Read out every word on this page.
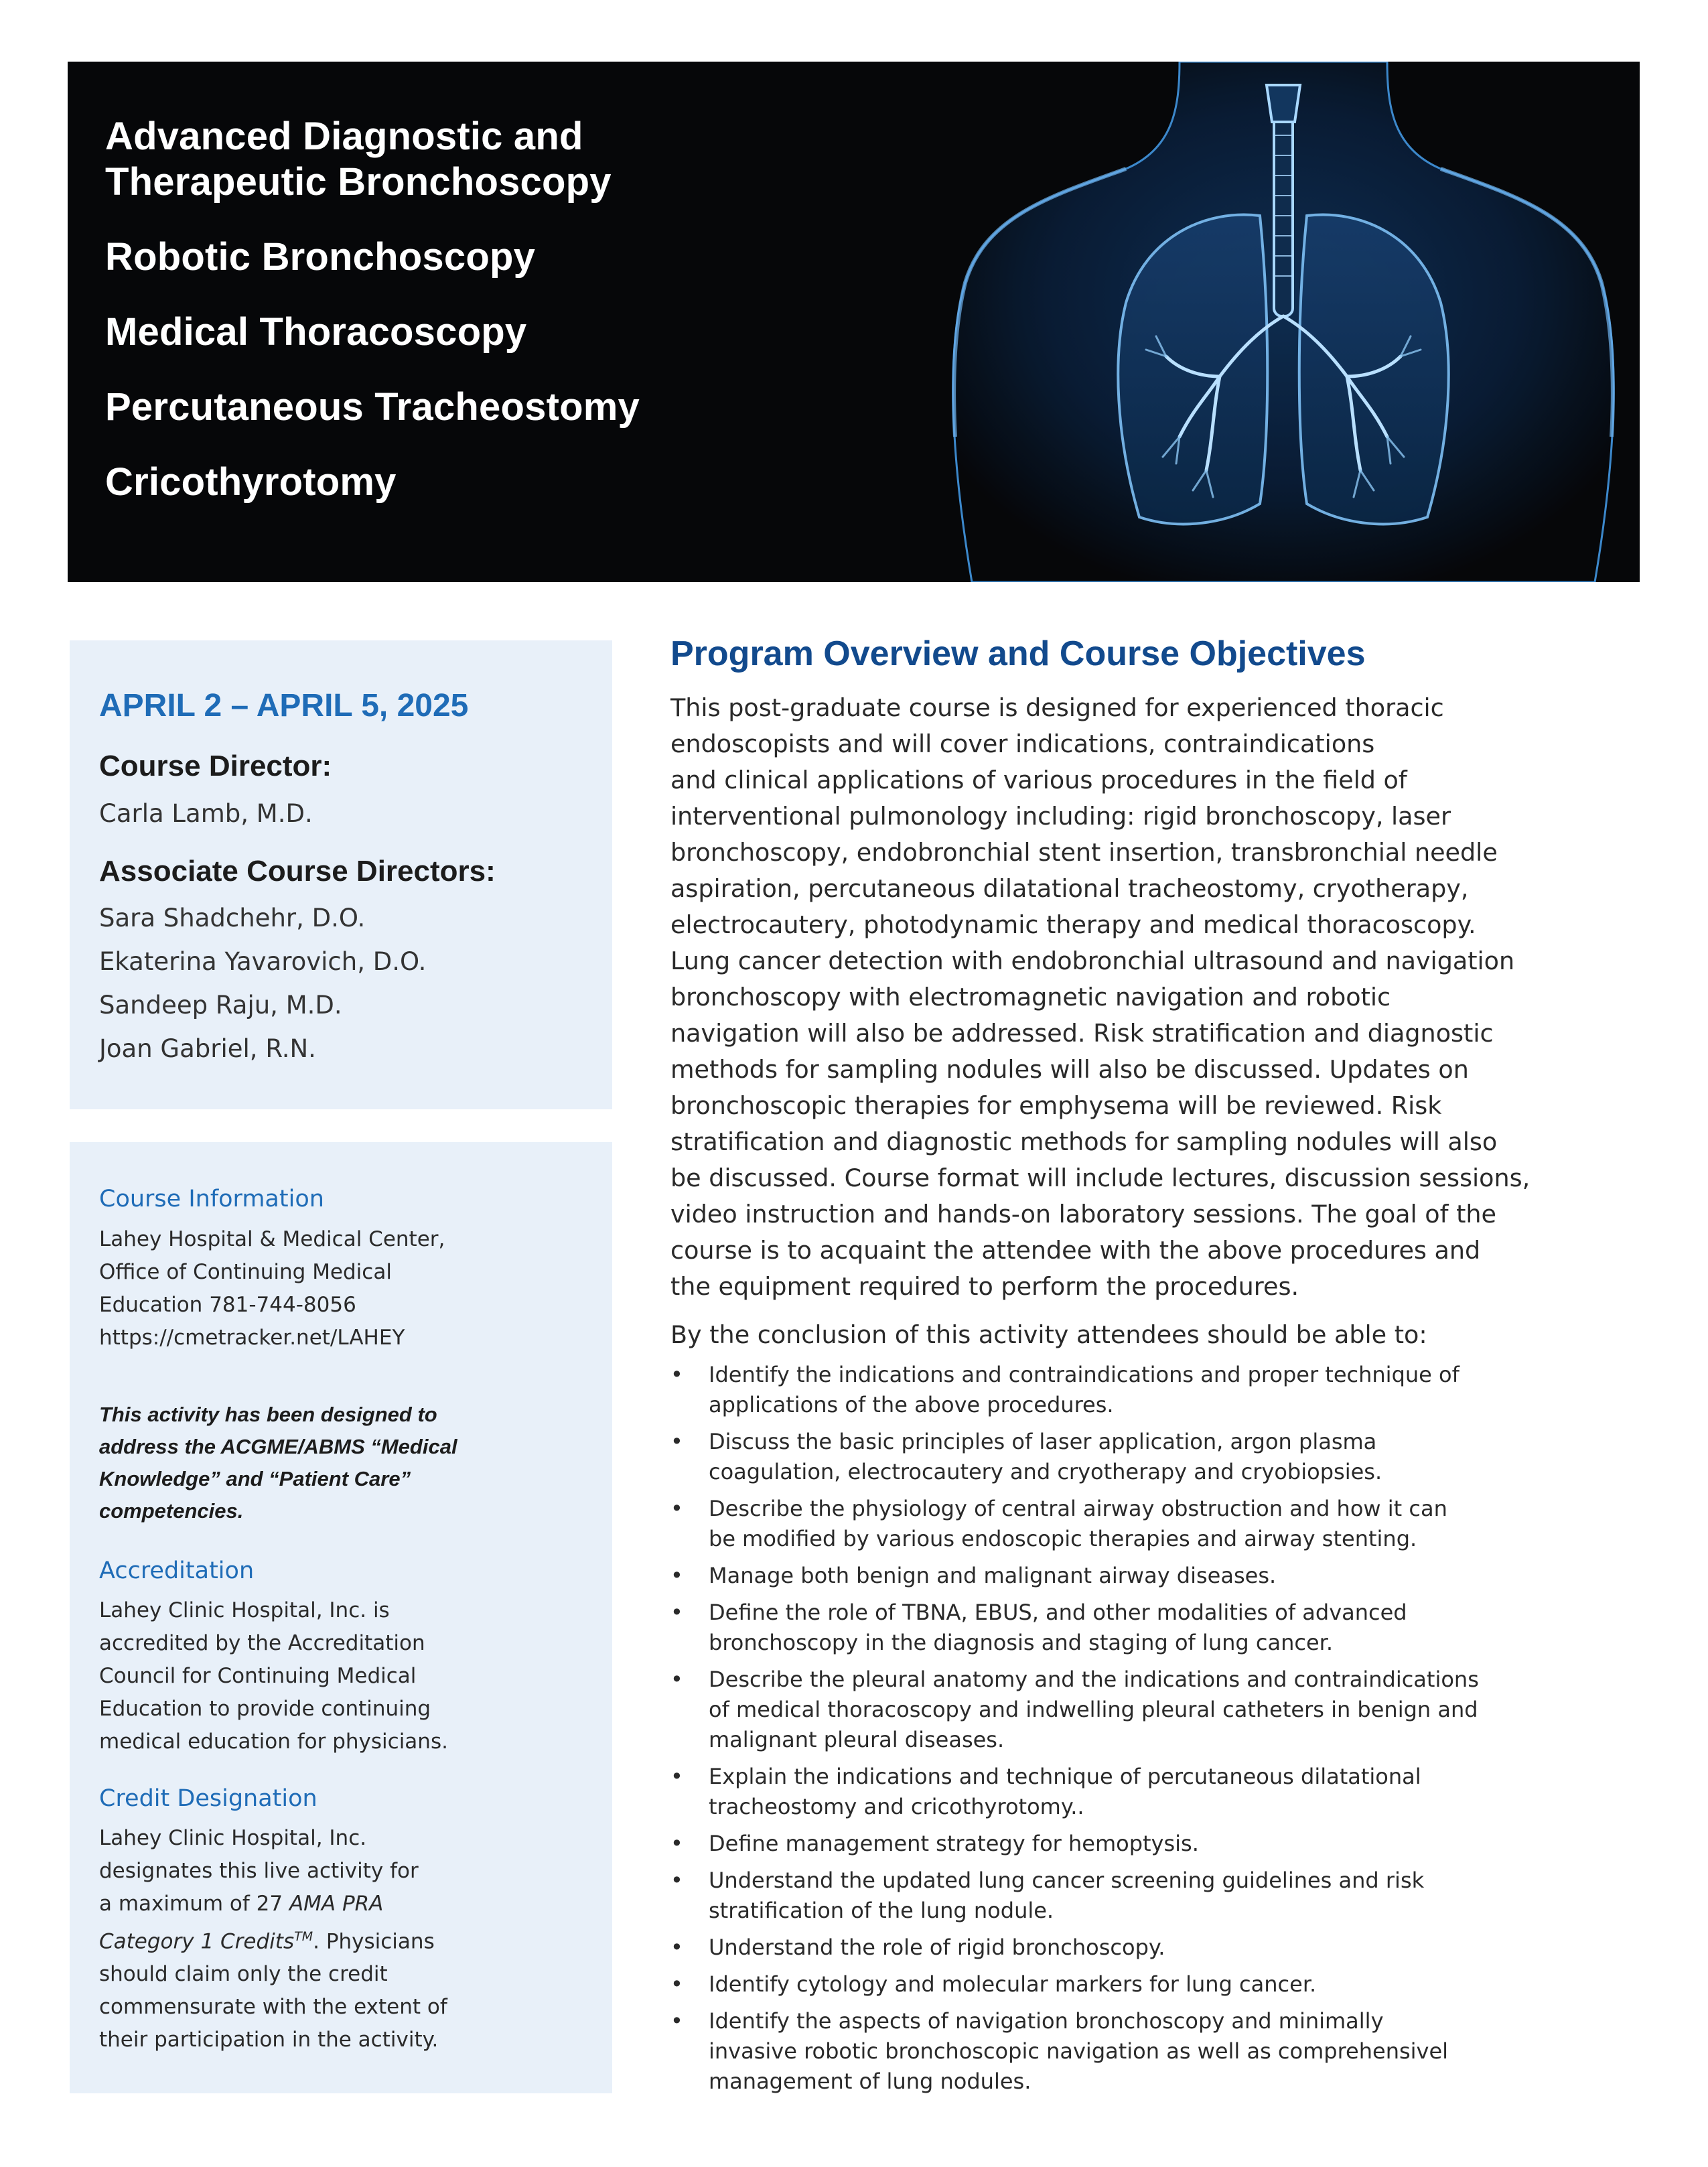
Advanced Diagnostic and
Therapeutic Bronchoscopy
Robotic Bronchoscopy
Medical Thoracoscopy
Percutaneous Tracheostomy
Cricothyrotomy

APRIL 2 – APRIL 5, 2025

Course Director:

Carla Lamb, M.D.

Associate Course Directors:

Sara Shadchehr, D.O.

Ekaterina Yavarovich, D.O.

Sandeep Raju, M.D.

Joan Gabriel, R.N.

Course Information

Lahey Hospital & Medical Center,
Office of Continuing Medical
Education 781-744-8056
https://cmetracker.net/LAHEY

This activity has been designed to
address the ACGME/ABMS “Medical
Knowledge” and “Patient Care”
competencies.

Accreditation

Lahey Clinic Hospital, Inc. is
accredited by the Accreditation
Council for Continuing Medical
Education to provide continuing
medical education for physicians.

Credit Designation

Lahey Clinic Hospital, Inc.
designates this live activity for
a maximum of 27 AMA PRA
Category 1 Credits™. Physicians
should claim only the credit
commensurate with the extent of
their participation in the activity.

Program Overview and Course Objectives

This post-graduate course is designed for experienced thoracic
endoscopists and will cover indications, contraindications
and clinical applications of various procedures in the field of
interventional pulmonology including: rigid bronchoscopy, laser
bronchoscopy, endobronchial stent insertion, transbronchial needle
aspiration, percutaneous dilatational tracheostomy, cryotherapy,
electrocautery, photodynamic therapy and medical thoracoscopy.
Lung cancer detection with endobronchial ultrasound and navigation
bronchoscopy with electromagnetic navigation and robotic
navigation will also be addressed. Risk stratification and diagnostic
methods for sampling nodules will also be discussed. Updates on
bronchoscopic therapies for emphysema will be reviewed. Risk
stratification and diagnostic methods for sampling nodules will also
be discussed. Course format will include lectures, discussion sessions,
video instruction and hands-on laboratory sessions. The goal of the
course is to acquaint the attendee with the above procedures and
the equipment required to perform the procedures.

By the conclusion of this activity attendees should be able to:

• Identify the indications and contraindications and proper technique of
applications of the above procedures.
• Discuss the basic principles of laser application, argon plasma
coagulation, electrocautery and cryotherapy and cryobiopsies.
• Describe the physiology of central airway obstruction and how it can
be modified by various endoscopic therapies and airway stenting.
• Manage both benign and malignant airway diseases.
• Define the role of TBNA, EBUS, and other modalities of advanced
bronchoscopy in the diagnosis and staging of lung cancer.
• Describe the pleural anatomy and the indications and contraindications
of medical thoracoscopy and indwelling pleural catheters in benign and
malignant pleural diseases.
• Explain the indications and technique of percutaneous dilatational
tracheostomy and cricothyrotomy..
• Define management strategy for hemoptysis.
• Understand the updated lung cancer screening guidelines and risk
stratification of the lung nodule.
• Understand the role of rigid bronchoscopy.
• Identify cytology and molecular markers for lung cancer.
• Identify the aspects of navigation bronchoscopy and minimally
invasive robotic bronchoscopic navigation as well as comprehensivel
management of lung nodules.
